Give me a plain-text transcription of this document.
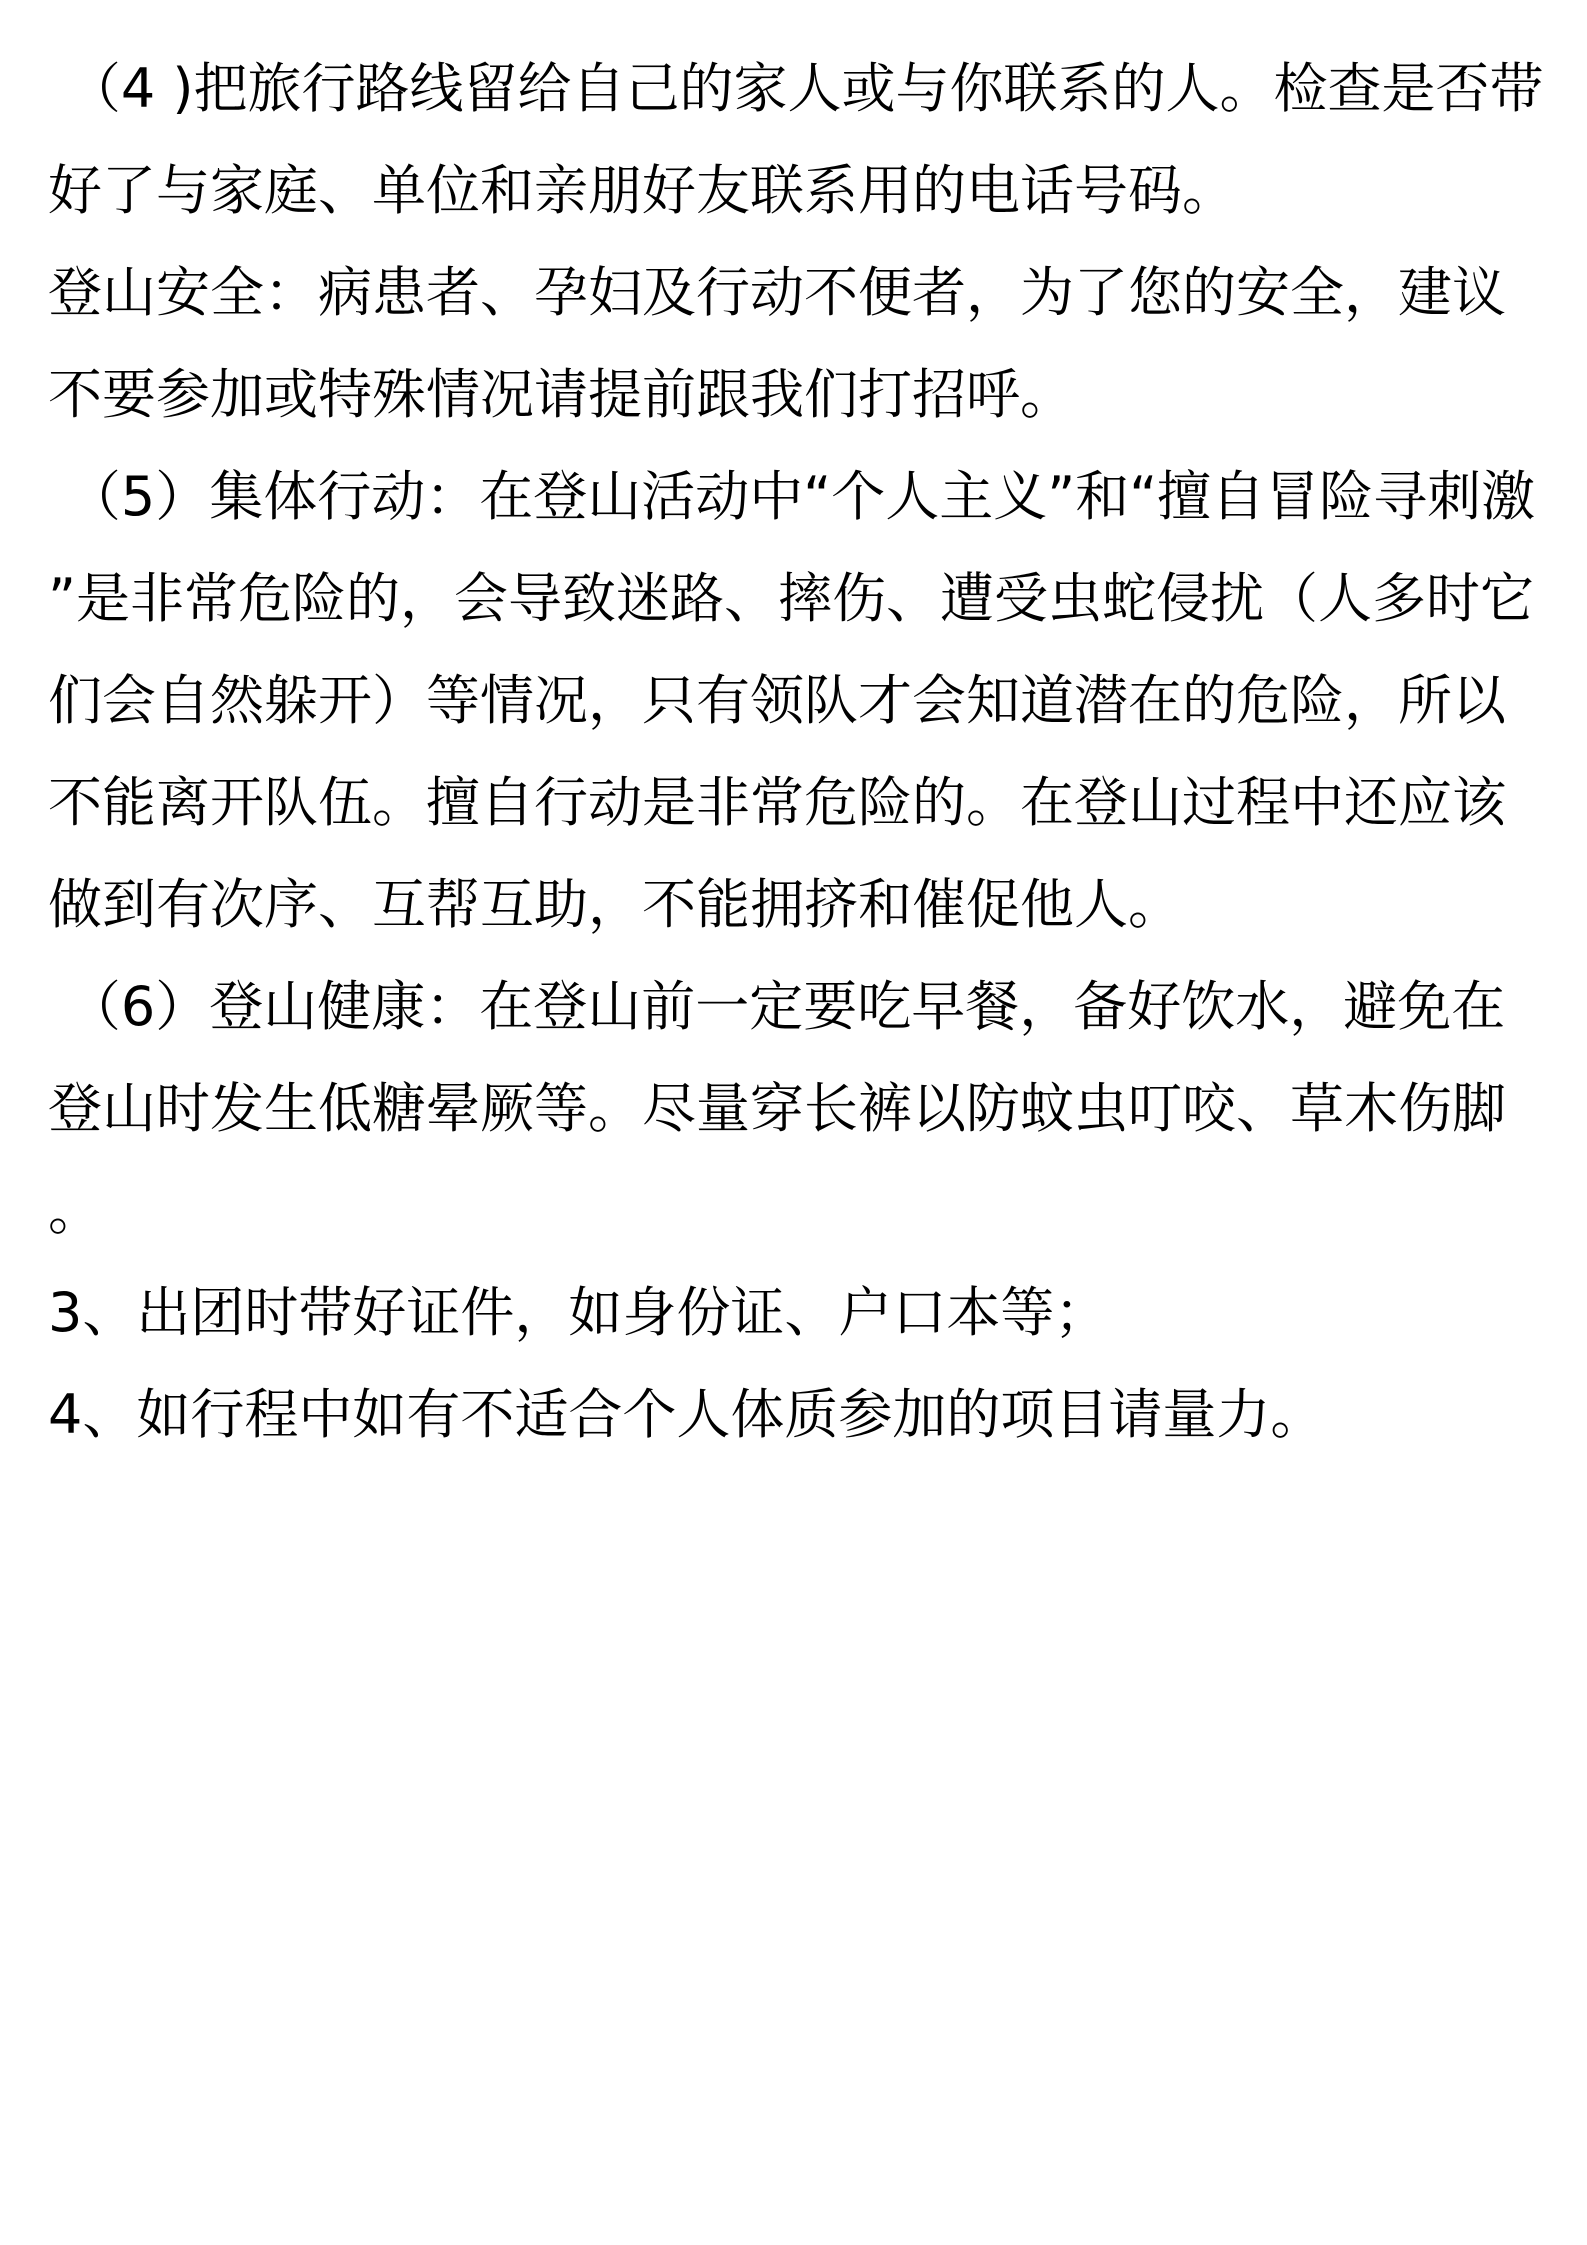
（4 )把旅行路线留给自己的家人或与你联系的人。检查是否带好了与家庭、单位和亲朋好友联系用的电话号码。

登山安全：病患者、孕妇及行动不便者，为了您的安全，建议不要参加或特殊情况请提前跟我们打招呼。

（5）集体行动：在登山活动中“个人主义”和“擅自冒险寻刺激”是非常危险的，会导致迷路、摔伤、遭受虫蛇侵扰（人多时它们会自然躲开）等情况，只有领队才会知道潜在的危险，所以不能离开队伍。擅自行动是非常危险的。在登山过程中还应该做到有次序、互帮互助，不能拥挤和催促他人。

（6）登山健康：在登山前一定要吃早餐，备好饮水，避免在登山时发生低糖晕厥等。尽量穿长裤以防蚊虫叮咬、草木伤脚。

3、出团时带好证件，如身份证、户口本等；

4、如行程中如有不适合个人体质参加的项目请量力。
